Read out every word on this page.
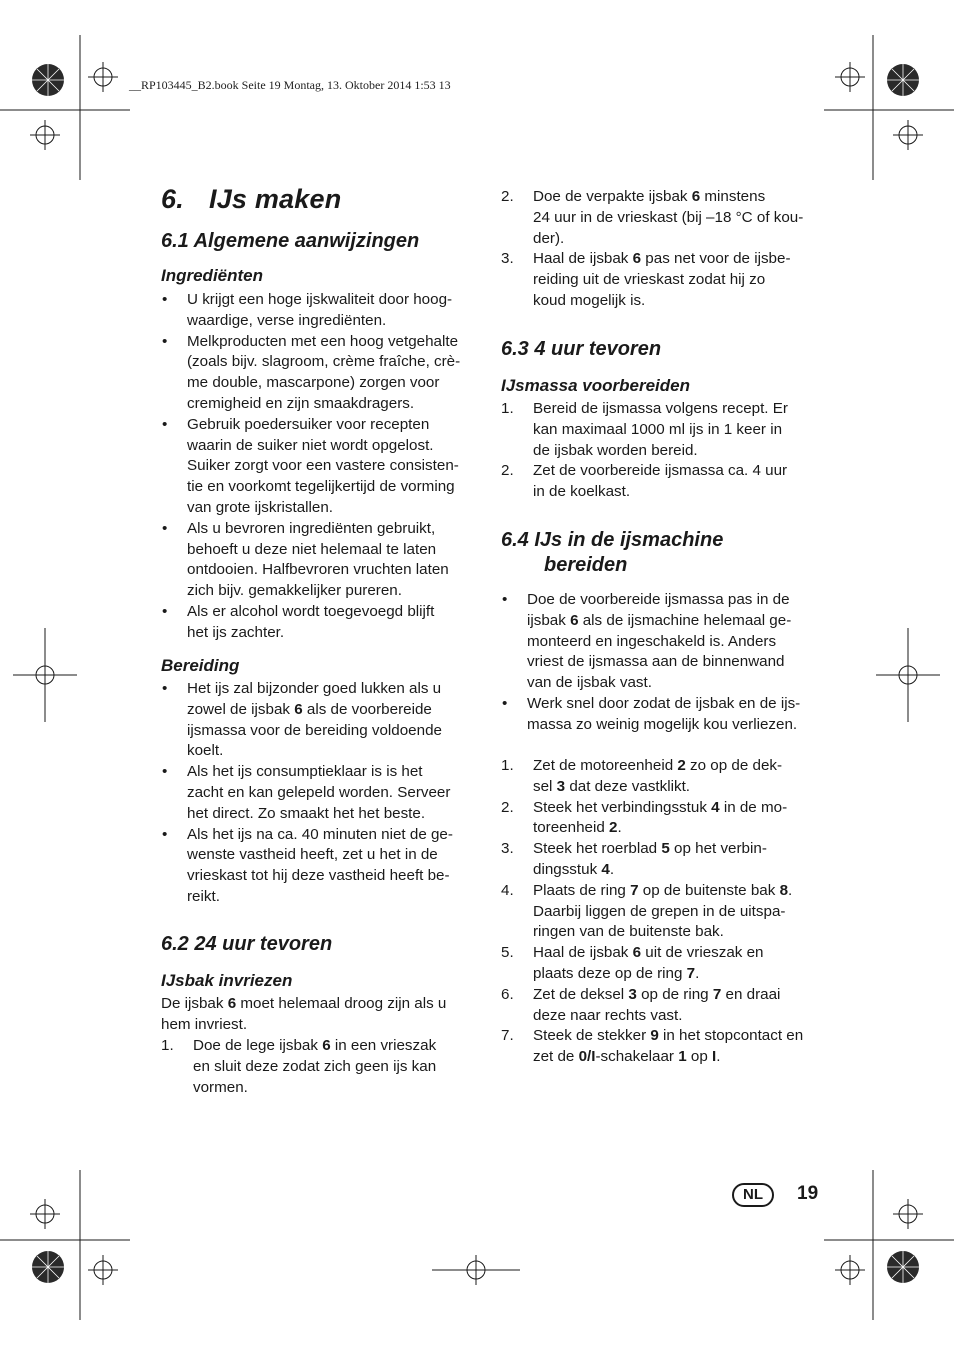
__RP103445_B2.book Seite 19 Montag, 13. Oktober 2014 1:53 13
6. IJs maken
6.1 Algemene aanwijzingen
Ingrediënten
• U krijgt een hoge ijskwaliteit door hoog-
waardige, verse ingrediënten.
• Melkproducten met een hoog vetgehalte
(zoals bijv. slagroom, crème fraîche, crè-
me double, mascarpone) zorgen voor
cremigheid en zijn smaakdragers.
• Gebruik poedersuiker voor recepten
waarin de suiker niet wordt opgelost.
Suiker zorgt voor een vastere consisten-
tie en voorkomt tegelijkertijd de vorming
van grote ijskristallen.
• Als u bevroren ingrediënten gebruikt,
behoeft u deze niet helemaal te laten
ontdooien. Halfbevroren vruchten laten
zich bijv. gemakkelijker pureren.
• Als er alcohol wordt toegevoegd blijft
het ijs zachter.
Bereiding
• Het ijs zal bijzonder goed lukken als u
zowel de ijsbak 6 als de voorbereide
ijsmassa voor de bereiding voldoende
koelt.
• Als het ijs consumptieklaar is is het
zacht en kan gelepeld worden. Serveer
het direct. Zo smaakt het het beste.
• Als het ijs na ca. 40 minuten niet de ge-
wenste vastheid heeft, zet u het in de
vrieskast tot hij deze vastheid heeft be-
reikt.
6.2 24 uur tevoren
IJsbak invriezen
De ijsbak 6 moet helemaal droog zijn als u
hem invriest.
1. Doe de lege ijsbak 6 in een vrieszak
en sluit deze zodat zich geen ijs kan
vormen.
2. Doe de verpakte ijsbak 6 minstens
24 uur in de vrieskast (bij –18 °C of kou-
der).
3. Haal de ijsbak 6 pas net voor de ijsbe-
reiding uit de vrieskast zodat hij zo
koud mogelijk is.
6.3 4 uur tevoren
IJsmassa voorbereiden
1. Bereid de ijsmassa volgens recept. Er
kan maximaal 1000 ml ijs in 1 keer in
de ijsbak worden bereid.
2. Zet de voorbereide ijsmassa ca. 4 uur
in de koelkast.
6.4 IJs in de ijsmachine
bereiden
• Doe de voorbereide ijsmassa pas in de
ijsbak 6 als de ijsmachine helemaal ge-
monteerd en ingeschakeld is. Anders
vriest de ijsmassa aan de binnenwand
van de ijsbak vast.
• Werk snel door zodat de ijsbak en de ijs-
massa zo weinig mogelijk kou verliezen.
1. Zet de motoreenheid 2 zo op de dek-
sel 3 dat deze vastklikt.
2. Steek het verbindingsstuk 4 in de mo-
toreenheid 2.
3. Steek het roerblad 5 op het verbin-
dingsstuk 4.
4. Plaats de ring 7 op de buitenste bak 8.
Daarbij liggen de grepen in de uitspa-
ringen van de buitenste bak.
5. Haal de ijsbak 6 uit de vrieszak en
plaats deze op de ring 7.
6. Zet de deksel 3 op de ring 7 en draai
deze naar rechts vast.
7. Steek de stekker 9 in het stopcontact en
zet de 0/I-schakelaar 1 op I.
NL	19
